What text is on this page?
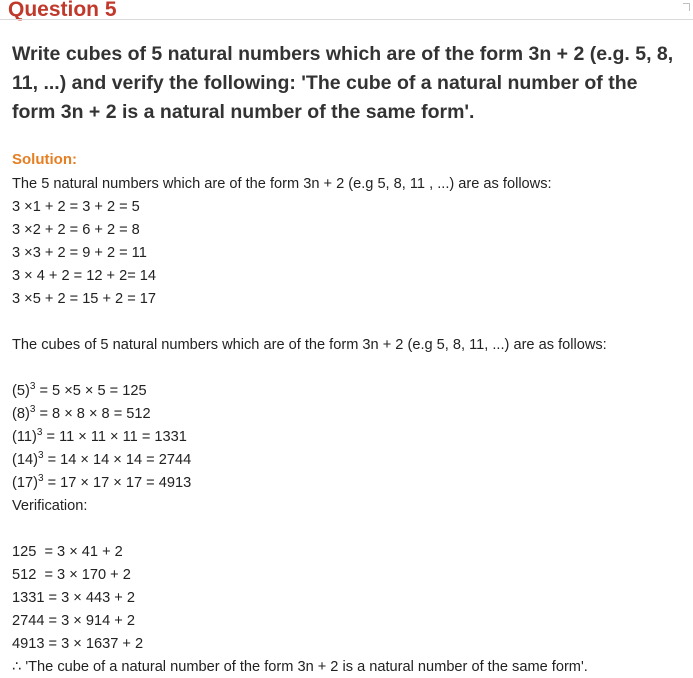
Question 5
Write cubes of 5 natural numbers which are of the form 3n + 2 (e.g. 5, 8, 11, ...) and verify the following: 'The cube of a natural number of the form 3n + 2 is a natural number of the same form'.
Solution:
The 5 natural numbers which are of the form 3n + 2 (e.g 5, 8, 11 , ...) are as follows:
3 ×1 + 2 = 3 + 2 = 5
3 ×2 + 2 = 6 + 2 = 8
3 ×3 + 2 = 9 + 2 = 11
3 × 4 + 2 = 12 + 2= 14
3 ×5 + 2 = 15 + 2 = 17
The cubes of 5 natural numbers which are of the form 3n + 2 (e.g 5, 8, 11, ...) are as follows:
$(5)^3 = 5 \times 5 \times 5 = 125$
$(8)^3 = 8 \times 8 \times 8 = 512$
$(11)^3 = 11 \times 11 \times 11 = 1331$
$(14)^3 = 14 \times 14 \times 14 = 2744$
$(17)^3 = 17 \times 17 \times 17 = 4913$
Verification:
125  = 3 × 41 + 2
512  = 3 × 170 + 2
1331 = 3 × 443 + 2
2744 = 3 × 914 + 2
4913 = 3 × 1637 + 2
∴ 'The cube of a natural number of the form 3n + 2 is a natural number of the same form'.
